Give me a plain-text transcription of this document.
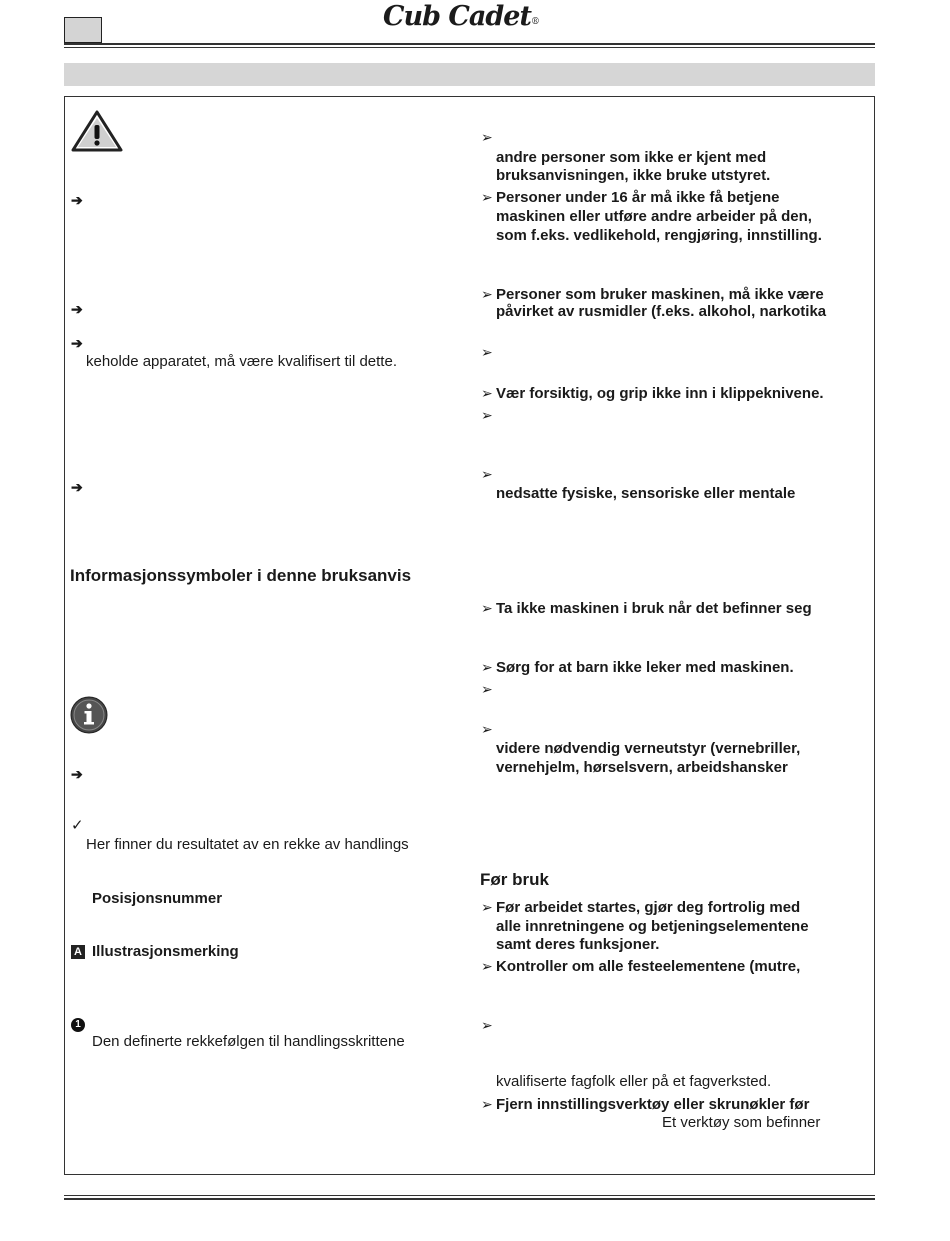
Cub Cadet®
➔
➔
➔
keholde apparatet, må være kvalifisert til dette.
➔
Informasjonssymboler i denne bruksanvis
➔
✓
Her finner du resultatet av en rekke av handlings
Posisjonsnummer
A Illustrasjonsmerking
1
Den definerte rekkefølgen til handlingsskrittene
➢
andre personer som ikke er kjent med
bruksanvisningen, ikke bruke utstyret.
➢ Personer under 16 år må ikke få betjene
maskinen eller utføre andre arbeider på den,
som f.eks. vedlikehold, rengjøring, innstilling.
➢ Personer som bruker maskinen, må ikke være
påvirket av rusmidler (f.eks. alkohol, narkotika
➢
➢ Vær forsiktig, og grip ikke inn i klippeknivene.
➢
➢
nedsatte fysiske, sensoriske eller mentale
➢ Ta ikke maskinen i bruk når det befinner seg
➢ Sørg for at barn ikke leker med maskinen.
➢
➢
videre nødvendig verneutstyr (vernebriller,
vernehjelm, hørselsvern, arbeidshansker
Før bruk
➢ Før arbeidet startes, gjør deg fortrolig med
alle innretningene og betjeningselementene
samt deres funksjoner.
➢ Kontroller om alle festeelementene (mutre,
➢
kvalifiserte fagfolk eller på et fagverksted.
➢ Fjern innstillingsverktøy eller skrunøkler før
Et verktøy som befinner
